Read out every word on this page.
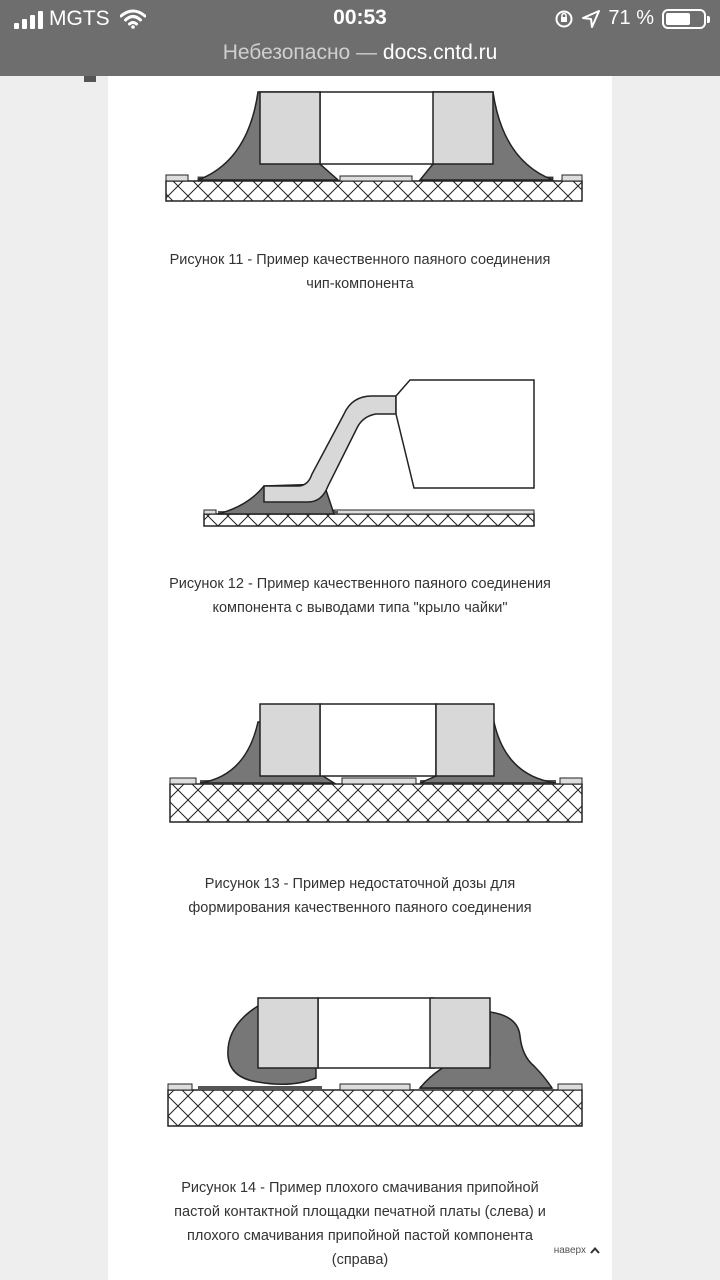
MGTS	00:53	71 %
Небезопасно — docs.cntd.ru
Рисунок 11 - Пример качественного паяного соединения
чип-компонента
Рисунок 12 - Пример качественного паяного соединения
компонента с выводами типа "крыло чайки"
Рисунок 13 - Пример недостаточной дозы для
формирования качественного паяного соединения
Рисунок 14 - Пример плохого смачивания припойной
пастой контактной площадки печатной платы (слева) и
плохого смачивания припойной пастой компонента
(справа)
наверх
